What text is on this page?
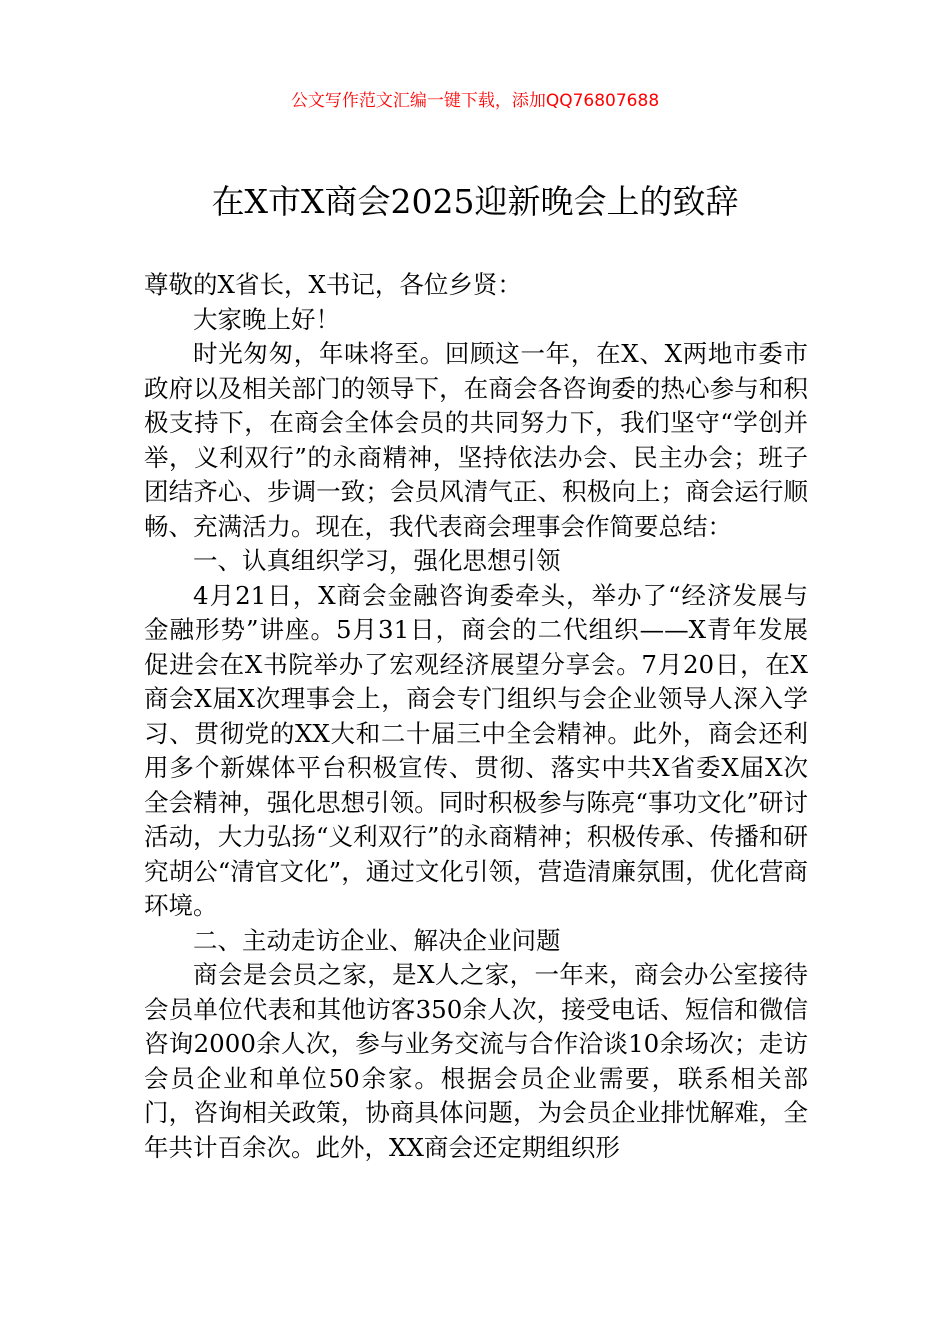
公文写作范文汇编一键下载，添加QQ76807688
在X市X商会2025迎新晚会上的致辞

尊敬的X省长，X书记，各位乡贤：

大家晚上好！

时光匆匆，年味将至。回顾这一年，在X、X两地市委市政府以及相关部门的领导下，在商会各咨询委的热心参与和积极支持下，在商会全体会员的共同努力下，我们坚守“学创并举，义利双行”的永商精神，坚持依法办会、民主办会；班子团结齐心、步调一致；会员风清气正、积极向上；商会运行顺畅、充满活力。现在，我代表商会理事会作简要总结：

一、认真组织学习，强化思想引领

4月21日，X商会金融咨询委牵头，举办了“经济发展与金融形势”讲座。5月31日，商会的二代组织——X青年发展促进会在X书院举办了宏观经济展望分享会。7月20日，在X商会X届X次理事会上，商会专门组织与会企业领导人深入学习、贯彻党的XX大和二十届三中全会精神。此外，商会还利用多个新媒体平台积极宣传、贯彻、落实中共X省委X届X次全会精神，强化思想引领。同时积极参与陈亮“事功文化”研讨活动，大力弘扬“义利双行”的永商精神；积极传承、传播和研究胡公“清官文化”，通过文化引领，营造清廉氛围，优化营商环境。

二、主动走访企业、解决企业问题

商会是会员之家，是X人之家，一年来，商会办公室接待会员单位代表和其他访客350余人次，接受电话、短信和微信咨询2000余人次，参与业务交流与合作洽谈10余场次；走访会员企业和单位50余家。根据会员企业需要，联系相关部门，咨询相关政策，协商具体问题，为会员企业排忧解难，全年共计百余次。此外，XX商会还定期组织形
